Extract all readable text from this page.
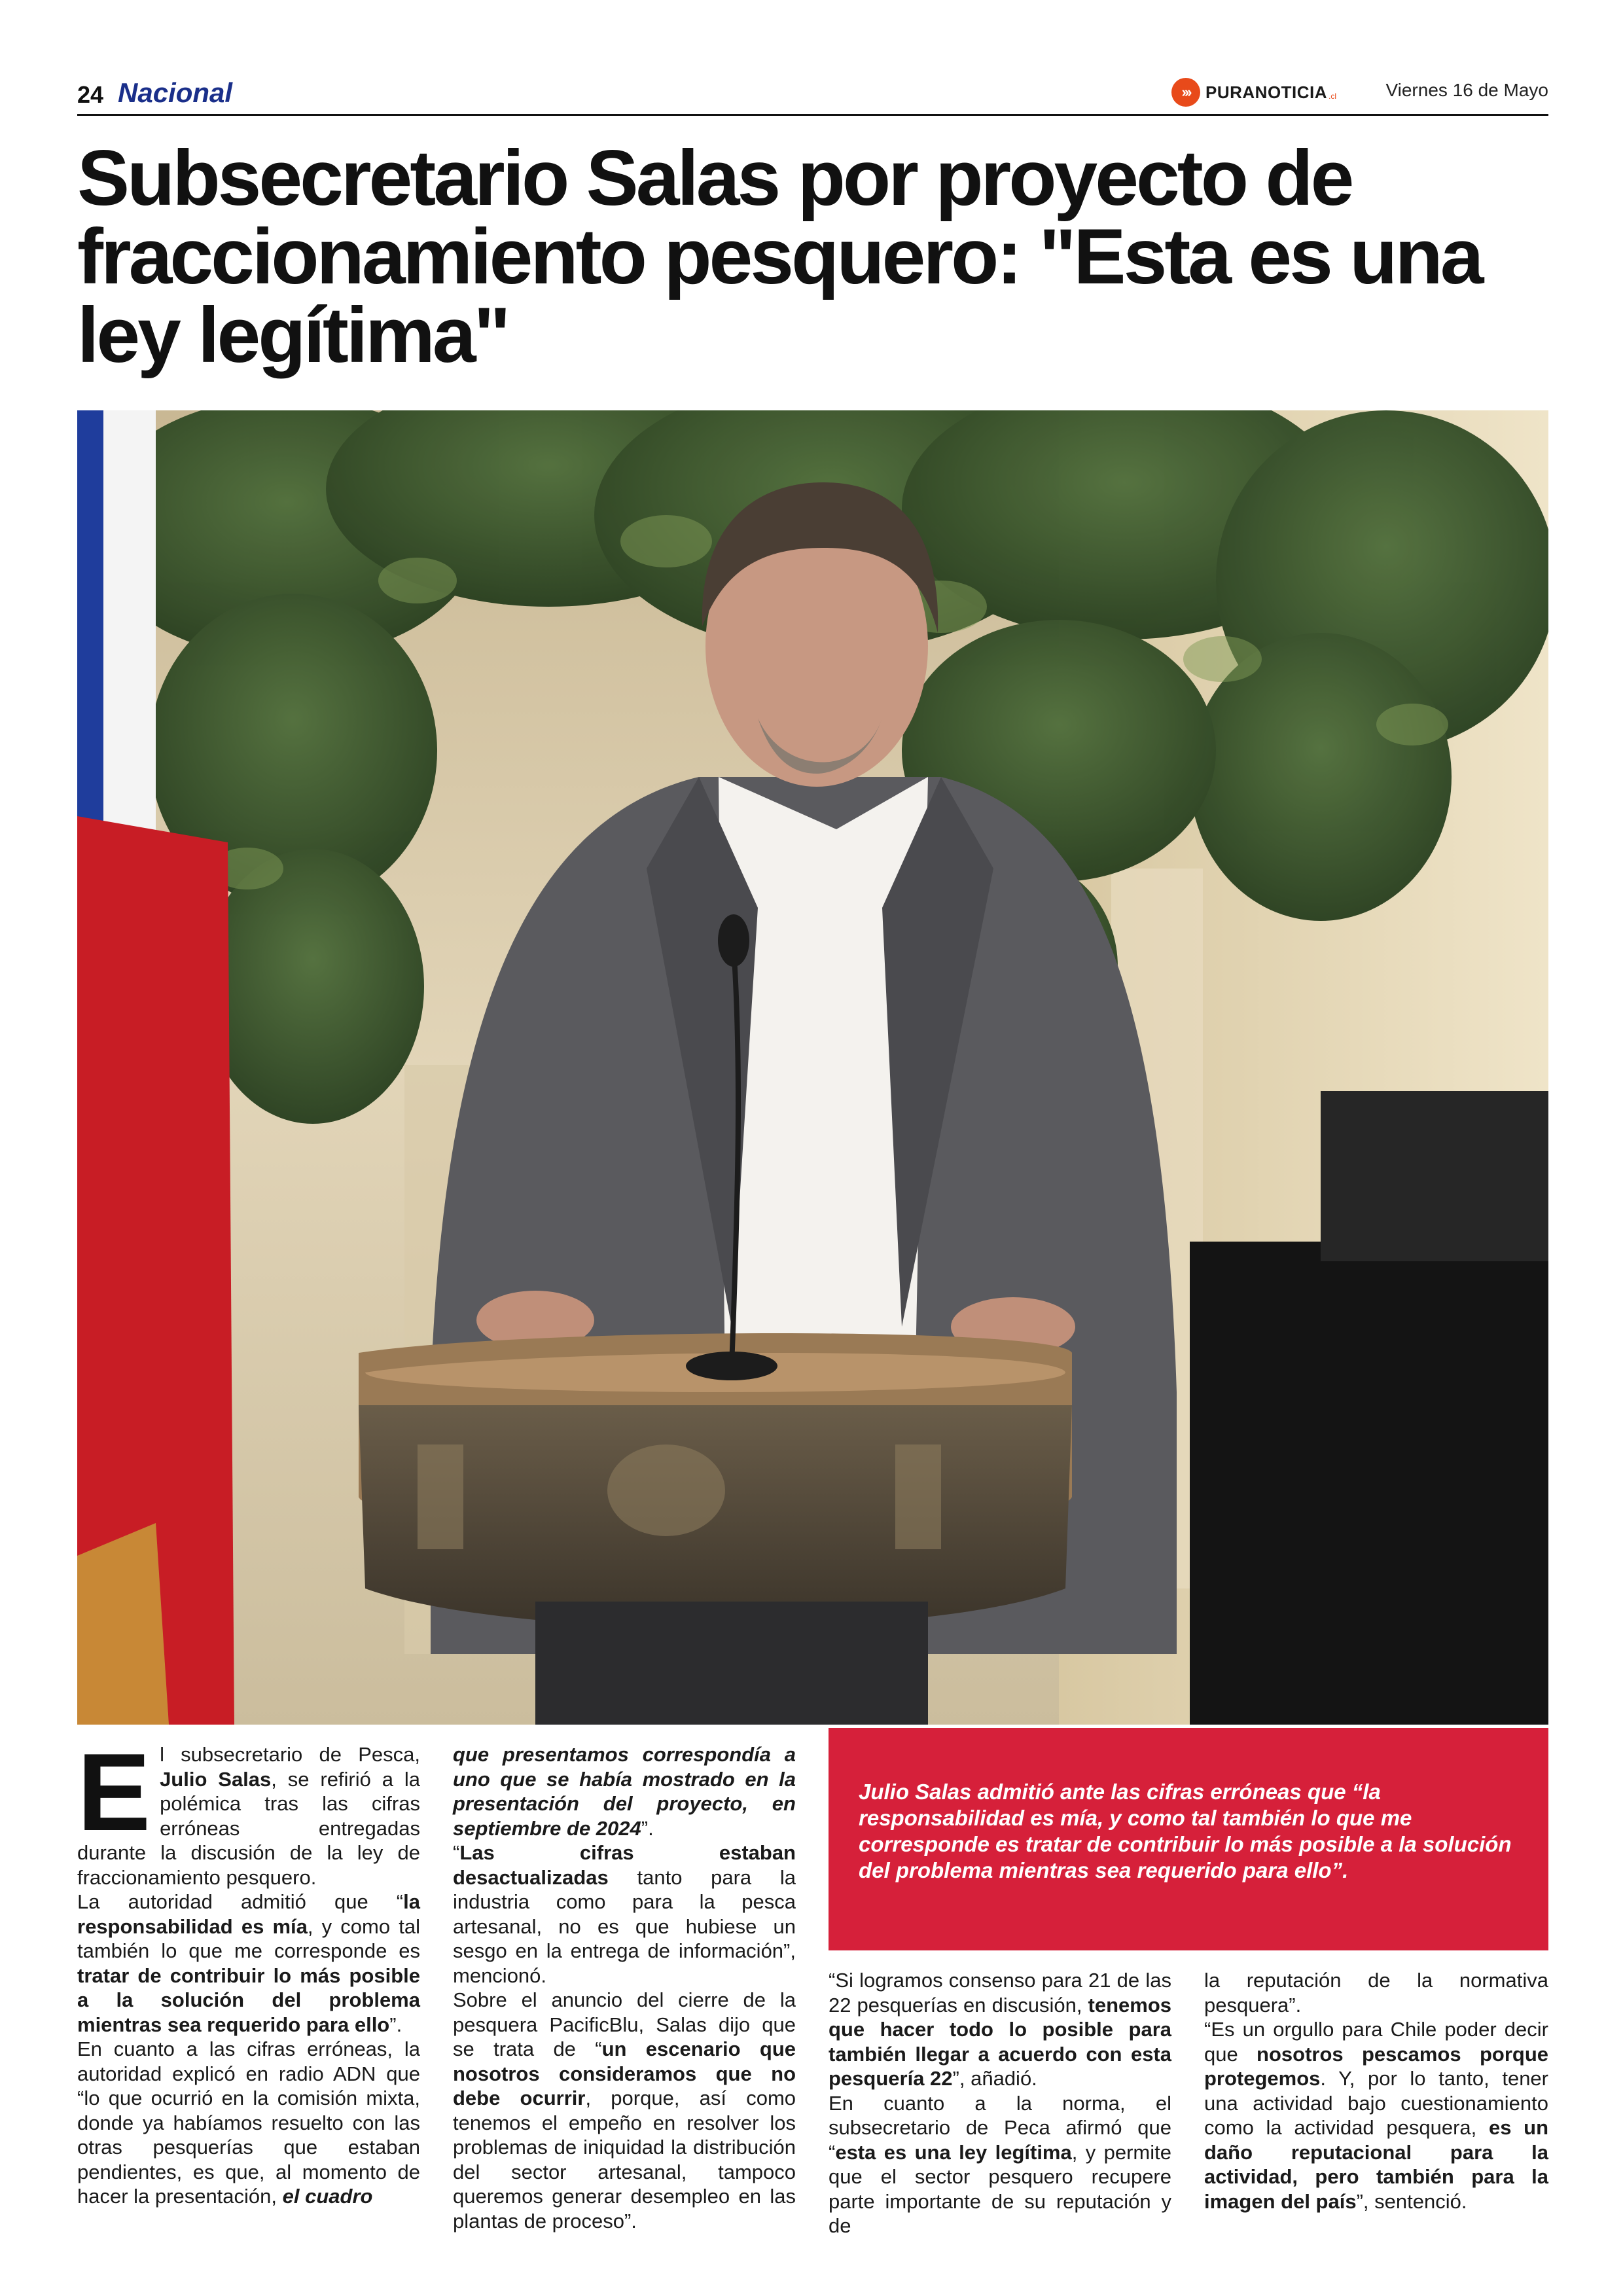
24 Nacional	››› PURANOTICIA .cl	Viernes 16 de Mayo
Subsecretario Salas por proyecto de fraccionamiento pesquero: "Esta es una ley legítima"

El subsecretario de Pesca, Julio Salas, se refirió a la polémica tras las cifras erróneas entregadas durante la discusión de la ley de fraccionamiento pesquero.

La autoridad admitió que “la responsabilidad es mía, y como tal también lo que me corresponde es tratar de contribuir lo más posible a la solución del problema mientras sea requerido para ello”.

En cuanto a las cifras erróneas, la autoridad explicó en radio ADN que “lo que ocurrió en la comisión mixta, donde ya habíamos resuelto con las otras pesquerías que estaban pendientes, es que, al momento de hacer la presentación, el cuadro

que presentamos correspondía a uno que se había mostrado en la presentación del proyecto, en septiembre de 2024”.

“Las cifras estaban desactualizadas tanto para la industria como para la pesca artesanal, no es que hubiese un sesgo en la entrega de información”, mencionó.

Sobre el anuncio del cierre de la pesquera PacificBlu, Salas dijo que se trata de “un escenario que nosotros consideramos que no debe ocurrir, porque, así como tenemos el empeño en resolver los problemas de iniquidad la distribución del sector artesanal, tampoco queremos generar desempleo en las plantas de proceso”.

Julio Salas admitió ante las cifras erróneas que “la responsabilidad es mía, y como tal también lo que me corresponde es tratar de contribuir lo más posible a la solución del problema mientras sea requerido para ello”.

“Si logramos consenso para 21 de las 22 pesquerías en discusión, tenemos que hacer todo lo posible para también llegar a acuerdo con esta pesquería 22”, añadió.

En cuanto a la norma, el subsecretario de Peca afirmó que “esta es una ley legítima, y permite que el sector pesquero recupere parte importante de su reputación y de

la reputación de la normativa pesquera”.

“Es un orgullo para Chile poder decir que nosotros pescamos porque protegemos. Y, por lo tanto, tener una actividad bajo cuestionamiento como la actividad pesquera, es un daño reputacional para la actividad, pero también para la imagen del país”, sentenció.
